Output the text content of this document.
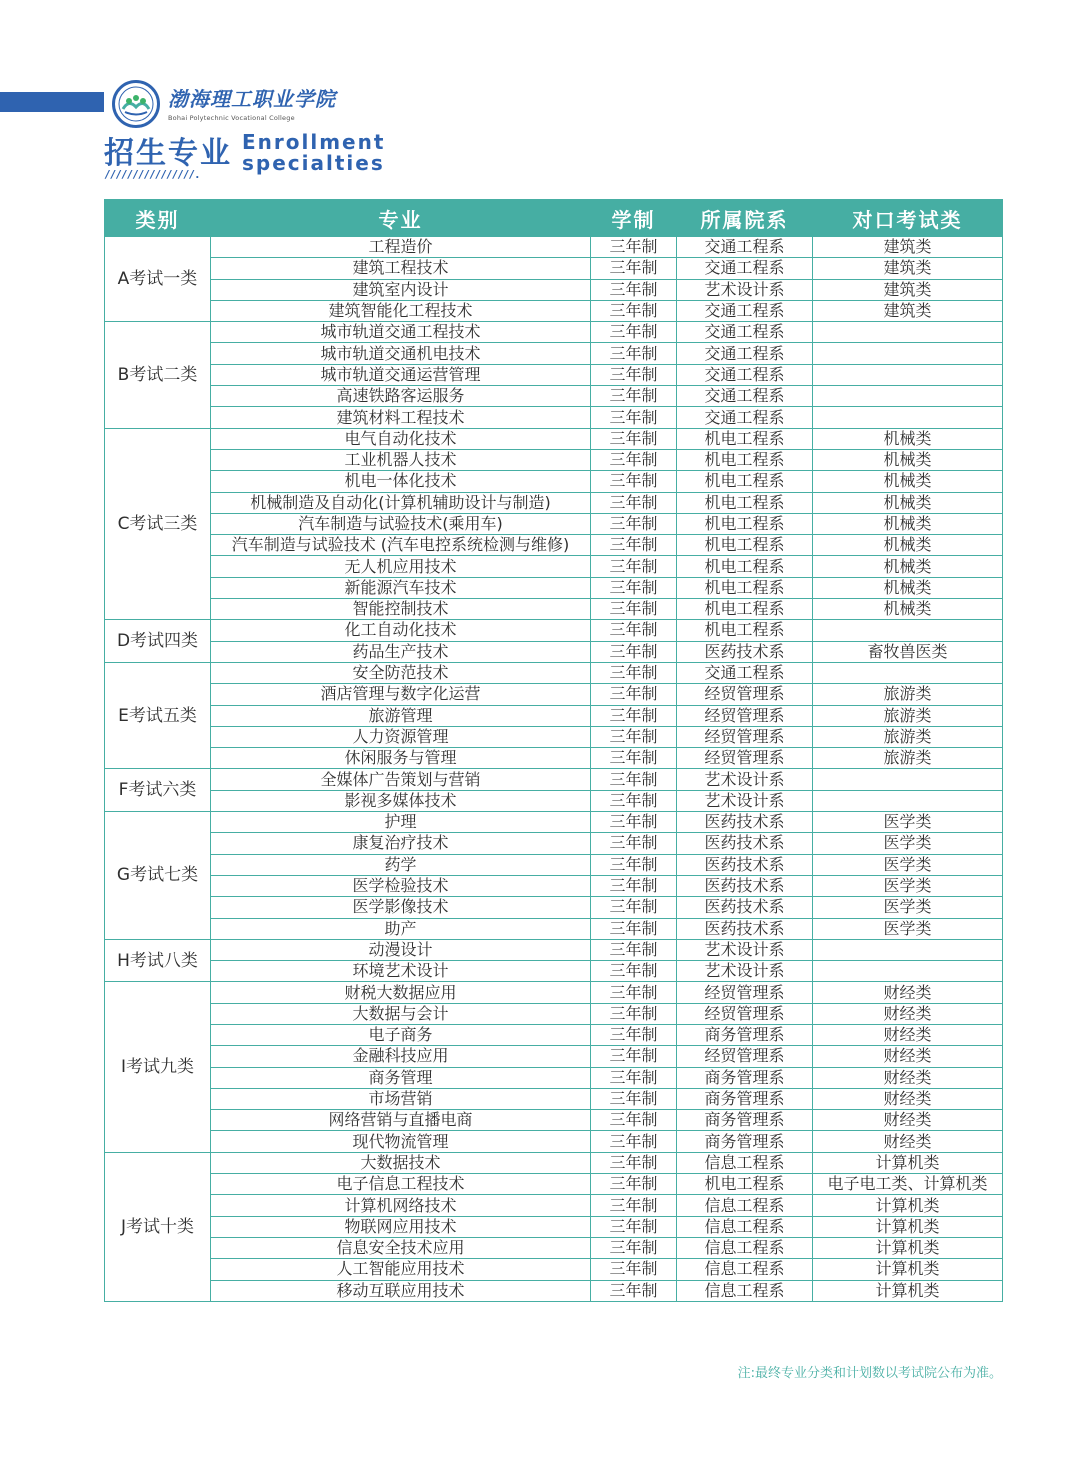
渤海理工职业学院
Bohai Polytechnic Vocational College
招生专业 Enrollment
specialties
////////////////.
类别	专业	学制	所属院系	对口考试类
A考试一类	工程造价	三年制	交通工程系	建筑类
	建筑工程技术	三年制	交通工程系	建筑类
	建筑室内设计	三年制	艺术设计系	建筑类
	建筑智能化工程技术	三年制	交通工程系	建筑类
B考试二类	城市轨道交通工程技术	三年制	交通工程系	
	城市轨道交通机电技术	三年制	交通工程系	
	城市轨道交通运营管理	三年制	交通工程系	
	高速铁路客运服务	三年制	交通工程系	
	建筑材料工程技术	三年制	交通工程系	
C考试三类	电气自动化技术	三年制	机电工程系	机械类
	工业机器人技术	三年制	机电工程系	机械类
	机电一体化技术	三年制	机电工程系	机械类
	机械制造及自动化(计算机辅助设计与制造)	三年制	机电工程系	机械类
	汽车制造与试验技术(乘用车)	三年制	机电工程系	机械类
	汽车制造与试验技术 (汽车电控系统检测与维修)	三年制	机电工程系	机械类
	无人机应用技术	三年制	机电工程系	机械类
	新能源汽车技术	三年制	机电工程系	机械类
	智能控制技术	三年制	机电工程系	机械类
D考试四类	化工自动化技术	三年制	机电工程系	
	药品生产技术	三年制	医药技术系	畜牧兽医类
E考试五类	安全防范技术	三年制	交通工程系	
	酒店管理与数字化运营	三年制	经贸管理系	旅游类
	旅游管理	三年制	经贸管理系	旅游类
	人力资源管理	三年制	经贸管理系	旅游类
	休闲服务与管理	三年制	经贸管理系	旅游类
F考试六类	全媒体广告策划与营销	三年制	艺术设计系	
	影视多媒体技术	三年制	艺术设计系	
G考试七类	护理	三年制	医药技术系	医学类
	康复治疗技术	三年制	医药技术系	医学类
	药学	三年制	医药技术系	医学类
	医学检验技术	三年制	医药技术系	医学类
	医学影像技术	三年制	医药技术系	医学类
	助产	三年制	医药技术系	医学类
H考试八类	动漫设计	三年制	艺术设计系	
	环境艺术设计	三年制	艺术设计系	
I考试九类	财税大数据应用	三年制	经贸管理系	财经类
	大数据与会计	三年制	经贸管理系	财经类
	电子商务	三年制	商务管理系	财经类
	金融科技应用	三年制	经贸管理系	财经类
	商务管理	三年制	商务管理系	财经类
	市场营销	三年制	商务管理系	财经类
	网络营销与直播电商	三年制	商务管理系	财经类
	现代物流管理	三年制	商务管理系	财经类
J考试十类	大数据技术	三年制	信息工程系	计算机类
	电子信息工程技术	三年制	机电工程系	电子电工类、计算机类
	计算机网络技术	三年制	信息工程系	计算机类
	物联网应用技术	三年制	信息工程系	计算机类
	信息安全技术应用	三年制	信息工程系	计算机类
	人工智能应用技术	三年制	信息工程系	计算机类
	移动互联应用技术	三年制	信息工程系	计算机类
注:最终专业分类和计划数以考试院公布为准。
